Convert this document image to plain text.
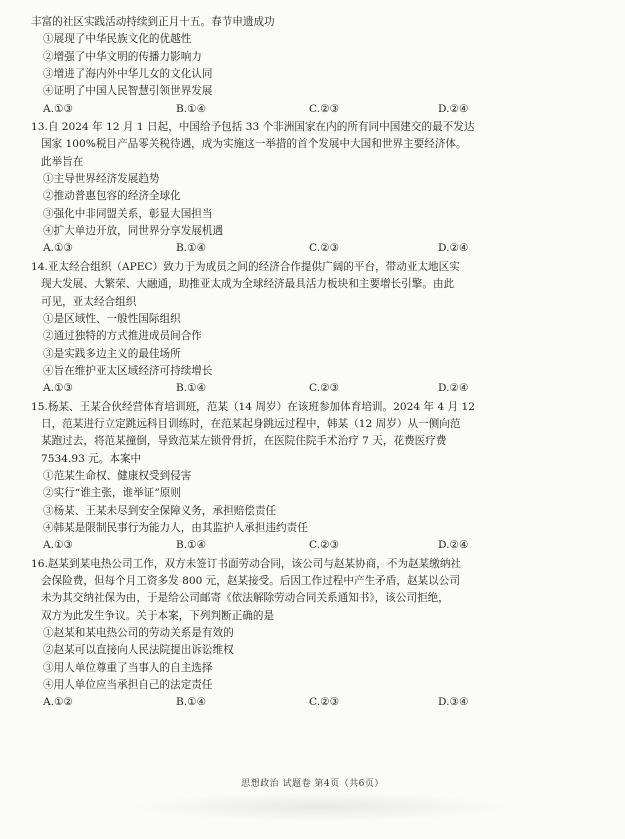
丰富的社区实践活动持续到正月十五。春节申遗成功
①展现了中华民族文化的优越性
②增强了中华文明的传播力影响力
③增进了海内外中华儿女的文化认同
④证明了中国人民智慧引领世界发展
A.①③	B.①④	C.②③	D.②④
13.自 2024 年 12 月 1 日起，中国给予包括 33 个非洲国家在内的所有同中国建交的最不发达
国家 100%税目产品零关税待遇，成为实施这一举措的首个发展中大国和世界主要经济体。
此举旨在
①主导世界经济发展趋势
②推动普惠包容的经济全球化
③强化中非同盟关系，彰显大国担当
④扩大单边开放，同世界分享发展机遇
A.①③	B.①④	C.②③	D.②④
14.亚太经合组织（APEC）致力于为成员之间的经济合作提供广阔的平台，带动亚太地区实
现大发展、大繁荣、大融通，助推亚太成为全球经济最具活力板块和主要增长引擎。由此
可见，亚太经合组织
①是区域性、一般性国际组织
②通过独特的方式推进成员间合作
③是实践多边主义的最佳场所
④旨在维护亚太区域经济可持续增长
A.①③	B.①④	C.②③	D.②④
15.杨某、王某合伙经营体育培训班，范某（14 周岁）在该班参加体育培训。2024 年 4 月 12
日，范某进行立定跳远科目训练时，在范某起身跳远过程中，韩某（12 周岁）从一侧向范
某跑过去，将范某撞倒，导致范某左锁骨骨折，在医院住院手术治疗 7 天，花费医疗费
7534.93 元。本案中
①范某生命权、健康权受到侵害
②实行“谁主张，谁举证”原则
③杨某、王某未尽到安全保障义务，承担赔偿责任
④韩某是限制民事行为能力人，由其监护人承担违约责任
A.①③	B.①④	C.②③	D.②④
16.赵某到某电热公司工作，双方未签订书面劳动合同，该公司与赵某协商，不为赵某缴纳社
会保险费，但每个月工资多发 800 元，赵某接受。后因工作过程中产生矛盾，赵某以公司
未为其交纳社保为由，于是给公司邮寄《依法解除劳动合同关系通知书》，该公司拒绝，
双方为此发生争议。关于本案，下列判断正确的是
①赵某和某电热公司的劳动关系是有效的
②赵某可以直接向人民法院提出诉讼维权
③用人单位尊重了当事人的自主选择
④用人单位应当承担自己的法定责任
A.①②	B.①④	C.②③	D.③④
思想政治 试题卷 第4页（共6页）
